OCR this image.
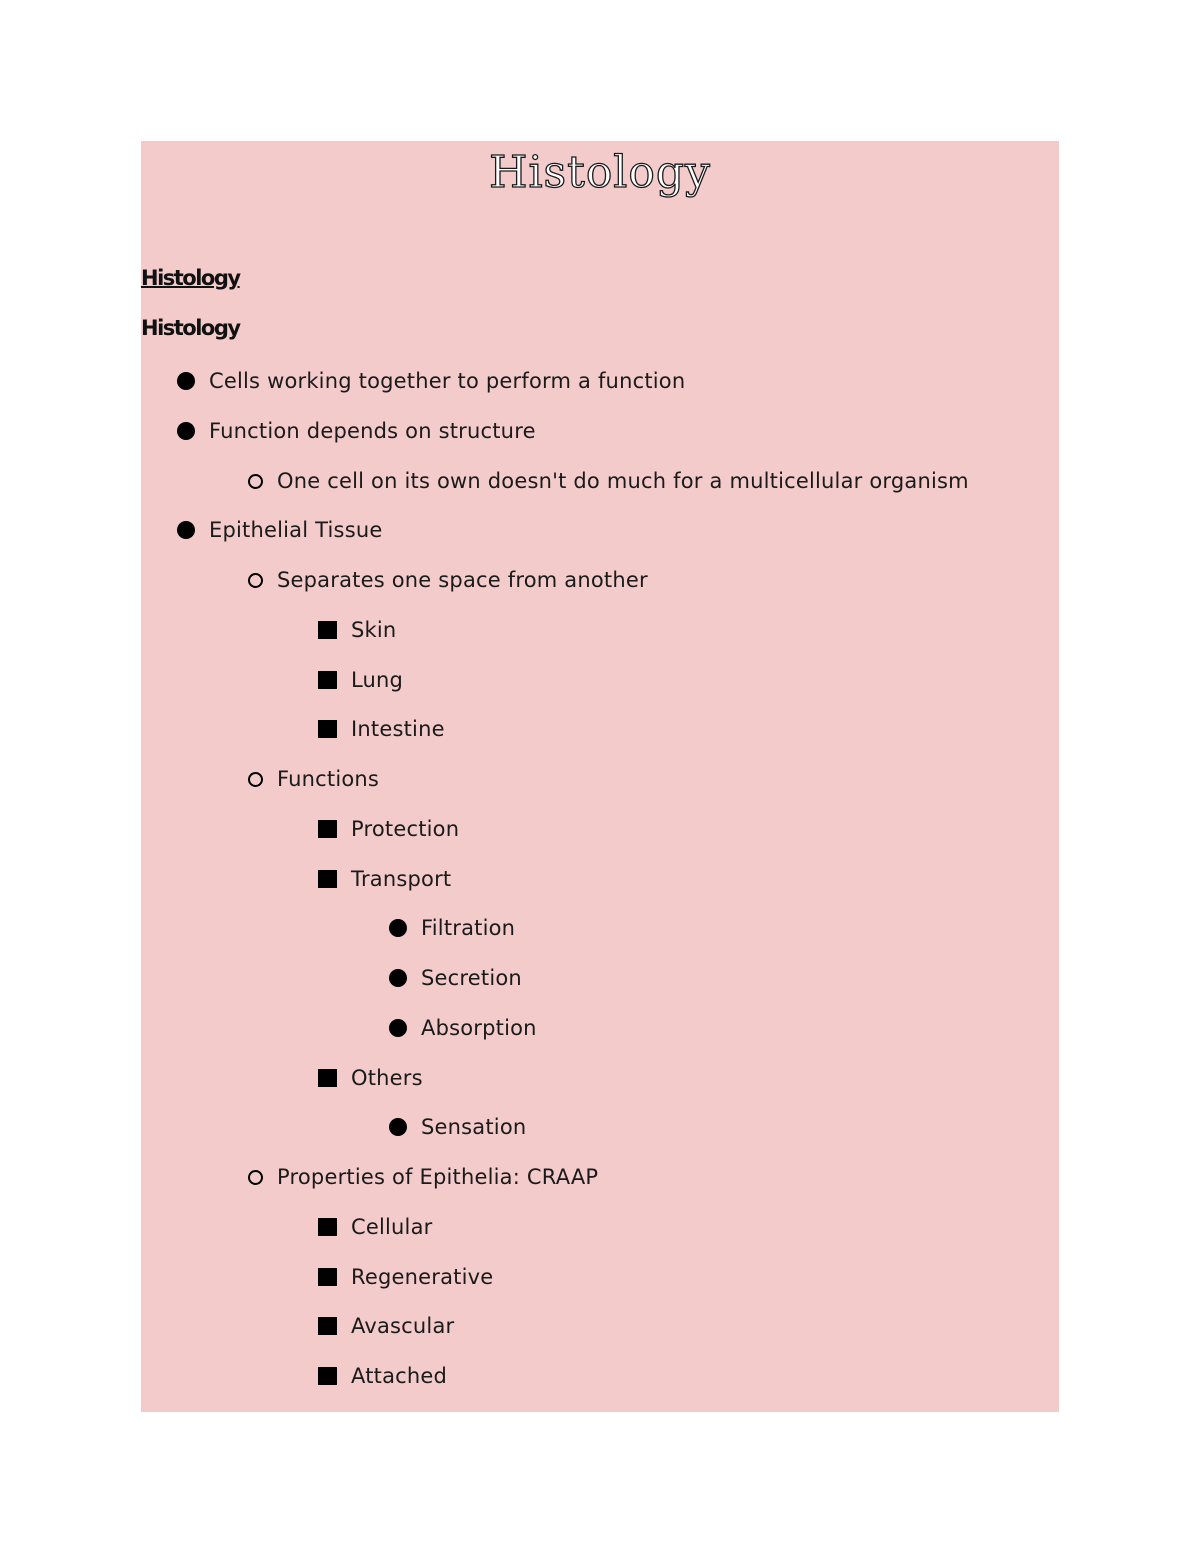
Histology
Histology
Histology
Cells working together to perform a function
Function depends on structure
One cell on its own doesn't do much for a multicellular organism
Epithelial Tissue
Separates one space from another
Skin
Lung
Intestine
Functions
Protection
Transport
Filtration
Secretion
Absorption
Others
Sensation
Properties of Epithelia: CRAAP
Cellular
Regenerative
Avascular
Attached
